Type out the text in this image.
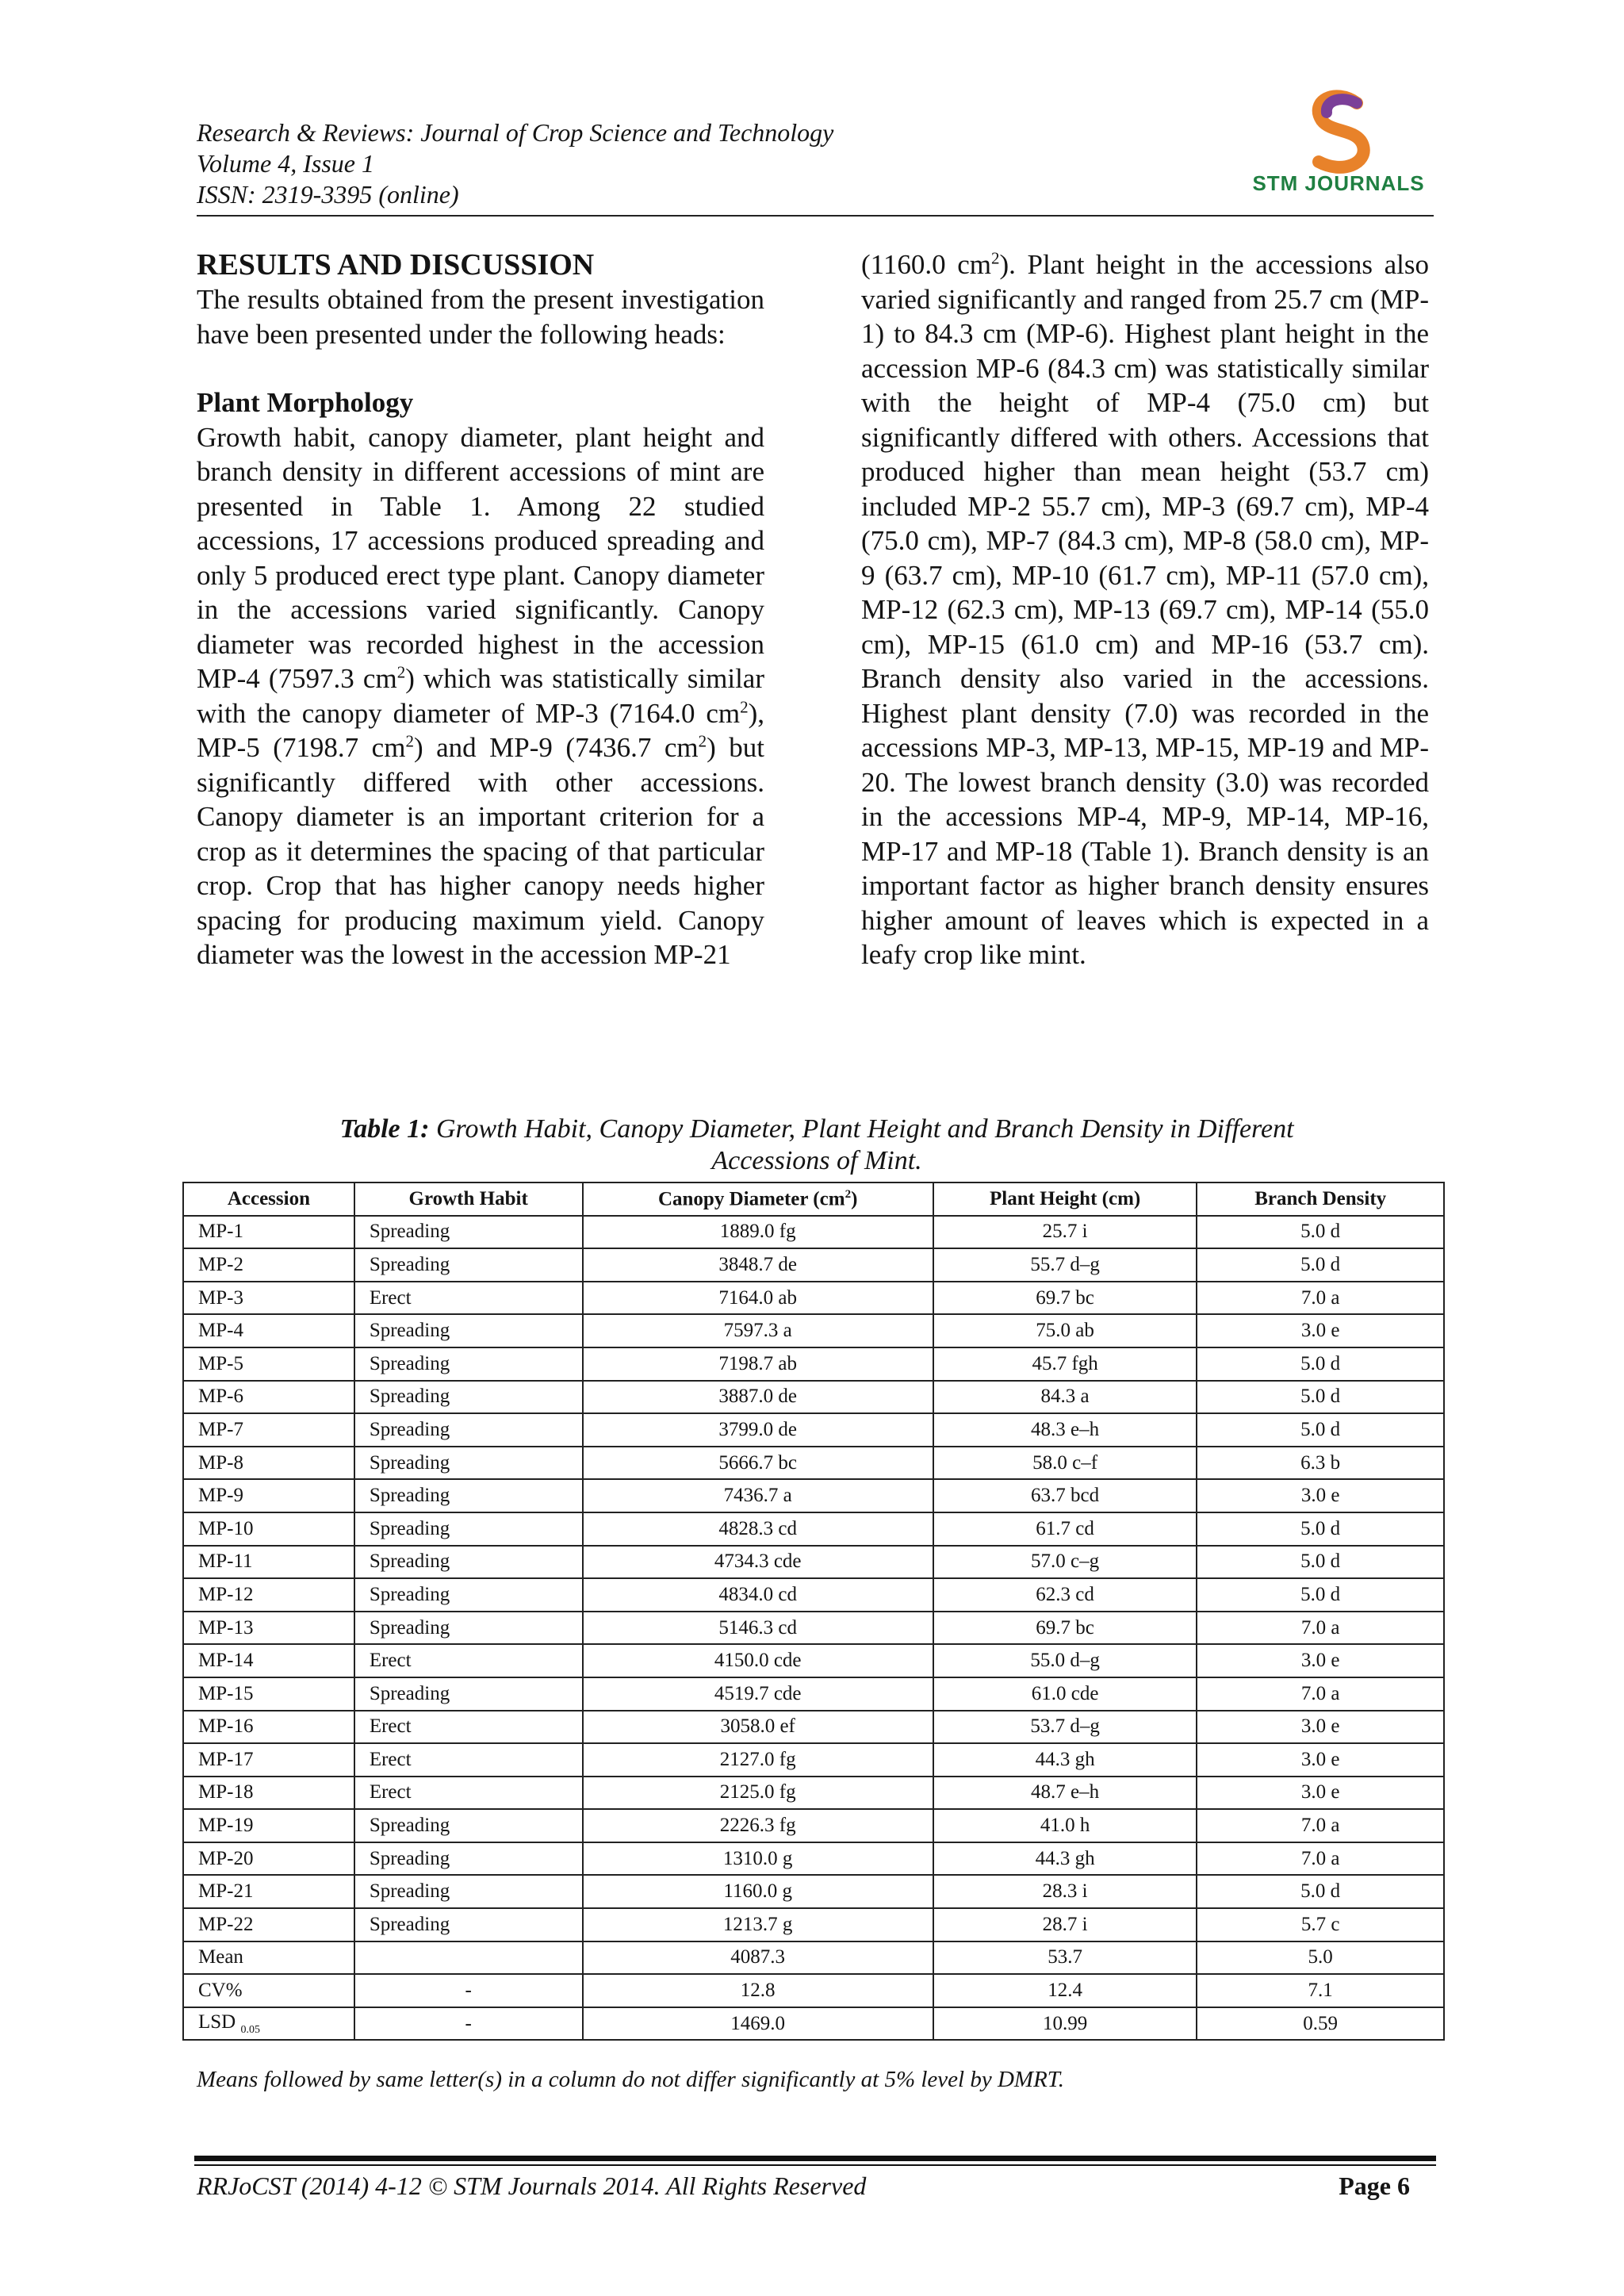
Research & Reviews: Journal of Crop Science and Technology
Volume 4, Issue 1
ISSN: 2319-3395 (online)	STM JOURNALS
RESULTS AND DISCUSSION

The results obtained from the present investigation have been presented under the following heads:

Plant Morphology

Growth habit, canopy diameter, plant height and branch density in different accessions of mint are presented in Table 1. Among 22 studied accessions, 17 accessions produced spreading and only 5 produced erect type plant. Canopy diameter in the accessions varied significantly. Canopy diameter was recorded highest in the accession MP-4 (7597.3 $cm^2$) which was statistically similar with the canopy diameter of MP-3 (7164.0 $cm^2$), MP-5 (7198.7 $cm^2$) and MP-9 (7436.7 $cm^2$) but significantly differed with other accessions. Canopy diameter is an important criterion for a crop as it determines the spacing of that particular crop. Crop that has higher canopy needs higher spacing for producing maximum yield. Canopy diameter was the lowest in the accession MP-21

(1160.0 $cm^2$). Plant height in the accessions also varied significantly and ranged from 25.7 cm (MP-1) to 84.3 cm (MP-6). Highest plant height in the accession MP-6 (84.3 cm) was statistically similar with the height of MP-4 (75.0 cm) but significantly differed with others. Accessions that produced higher than mean height (53.7 cm) included MP-2 55.7 cm), MP-3 (69.7 cm), MP-4 (75.0 cm), MP-7 (84.3 cm), MP-8 (58.0 cm), MP-9 (63.7 cm), MP-10 (61.7 cm), MP-11 (57.0 cm), MP-12 (62.3 cm), MP-13 (69.7 cm), MP-14 (55.0 cm), MP-15 (61.0 cm) and MP-16 (53.7 cm). Branch density also varied in the accessions. Highest plant density (7.0) was recorded in the accessions MP-3, MP-13, MP-15, MP-19 and MP-20. The lowest branch density (3.0) was recorded in the accessions MP-4, MP-9, MP-14, MP-16, MP-17 and MP-18 (Table 1). Branch density is an important factor as higher branch density ensures higher amount of leaves which is expected in a leafy crop like mint.

Table 1: Growth Habit, Canopy Diameter, Plant Height and Branch Density in Different Accessions of Mint.
Accession	Growth Habit	Canopy Diameter $(cm^2)$	Plant Height (cm)	Branch Density
MP-1	Spreading	1889.0 fg	25.7 i	5.0 d
MP-2	Spreading	3848.7 de	55.7 d–g	5.0 d
MP-3	Erect	7164.0 ab	69.7 bc	7.0 a
MP-4	Spreading	7597.3 a	75.0 ab	3.0 e
MP-5	Spreading	7198.7 ab	45.7 fgh	5.0 d
MP-6	Spreading	3887.0 de	84.3 a	5.0 d
MP-7	Spreading	3799.0 de	48.3 e–h	5.0 d
MP-8	Spreading	5666.7 bc	58.0 c–f	6.3 b
MP-9	Spreading	7436.7 a	63.7 bcd	3.0 e
MP-10	Spreading	4828.3 cd	61.7 cd	5.0 d
MP-11	Spreading	4734.3 cde	57.0 c–g	5.0 d
MP-12	Spreading	4834.0 cd	62.3 cd	5.0 d
MP-13	Spreading	5146.3 cd	69.7 bc	7.0 a
MP-14	Erect	4150.0 cde	55.0 d–g	3.0 e
MP-15	Spreading	4519.7 cde	61.0 cde	7.0 a
MP-16	Erect	3058.0 ef	53.7 d–g	3.0 e
MP-17	Erect	2127.0 fg	44.3 gh	3.0 e
MP-18	Erect	2125.0 fg	48.7 e–h	3.0 e
MP-19	Spreading	2226.3 fg	41.0 h	7.0 a
MP-20	Spreading	1310.0 g	44.3 gh	7.0 a
MP-21	Spreading	1160.0 g	28.3 i	5.0 d
MP-22	Spreading	1213.7 g	28.7 i	5.7 c
Mean		4087.3	53.7	5.0
CV%	-	12.8	12.4	7.1
LSD $_{0.05}$	-	1469.0	10.99	0.59
Means followed by same letter(s) in a column do not differ significantly at 5% level by DMRT.
RRJoCST (2014) 4-12 © STM Journals 2014. All Rights Reserved	Page 6
